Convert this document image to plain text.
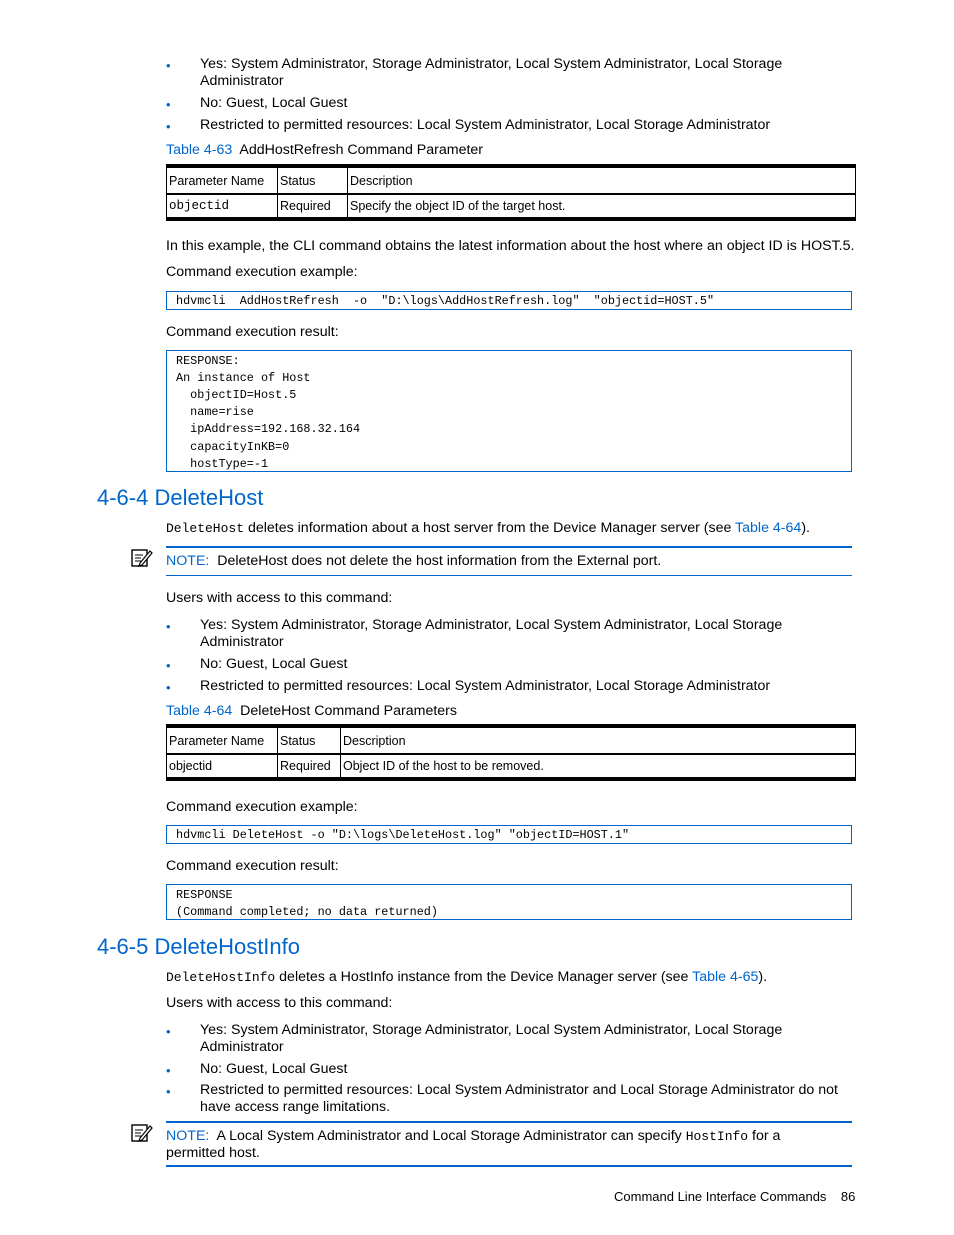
•	Yes: System Administrator, Storage Administrator, Local System Administrator, Local Storage
Administrator
•	No: Guest, Local Guest
•	Restricted to permitted resources: Local System Administrator, Local Storage Administrator
Table 4-63 AddHostRefresh Command Parameter
Parameter Name	Status	Description
objectid	Required	Specify the object ID of the target host.
In this example, the CLI command obtains the latest information about the host where an object ID is HOST.5.
Command execution example:
hdvmcli  AddHostRefresh  -o  "D:\logs\AddHostRefresh.log"  "objectid=HOST.5"
Command execution result:
RESPONSE:
An instance of Host
objectID=Host.5
name=rise
ipAddress=192.168.32.164
capacityInKB=0
hostType=-1
4-6-4 DeleteHost
DeleteHost deletes information about a host server from the Device Manager server (see Table 4-64).
NOTE: DeleteHost does not delete the host information from the External port.
Users with access to this command:
•	Yes: System Administrator, Storage Administrator, Local System Administrator, Local Storage
Administrator
•	No: Guest, Local Guest
•	Restricted to permitted resources: Local System Administrator, Local Storage Administrator
Table 4-64 DeleteHost Command Parameters
Parameter Name	Status	Description
objectid	Required	Object ID of the host to be removed.
Command execution example:
hdvmcli DeleteHost -o "D:\logs\DeleteHost.log" "objectID=HOST.1"
Command execution result:
RESPONSE
(Command completed; no data returned)
4-6-5 DeleteHostInfo
DeleteHostInfo deletes a HostInfo instance from the Device Manager server (see Table 4-65).
Users with access to this command:
•	Yes: System Administrator, Storage Administrator, Local System Administrator, Local Storage
Administrator
•	No: Guest, Local Guest
•	Restricted to permitted resources: Local System Administrator and Local Storage Administrator do not
have access range limitations.
NOTE: A Local System Administrator and Local Storage Administrator can specify HostInfo for a
permitted host.
Command Line Interface Commands 86
